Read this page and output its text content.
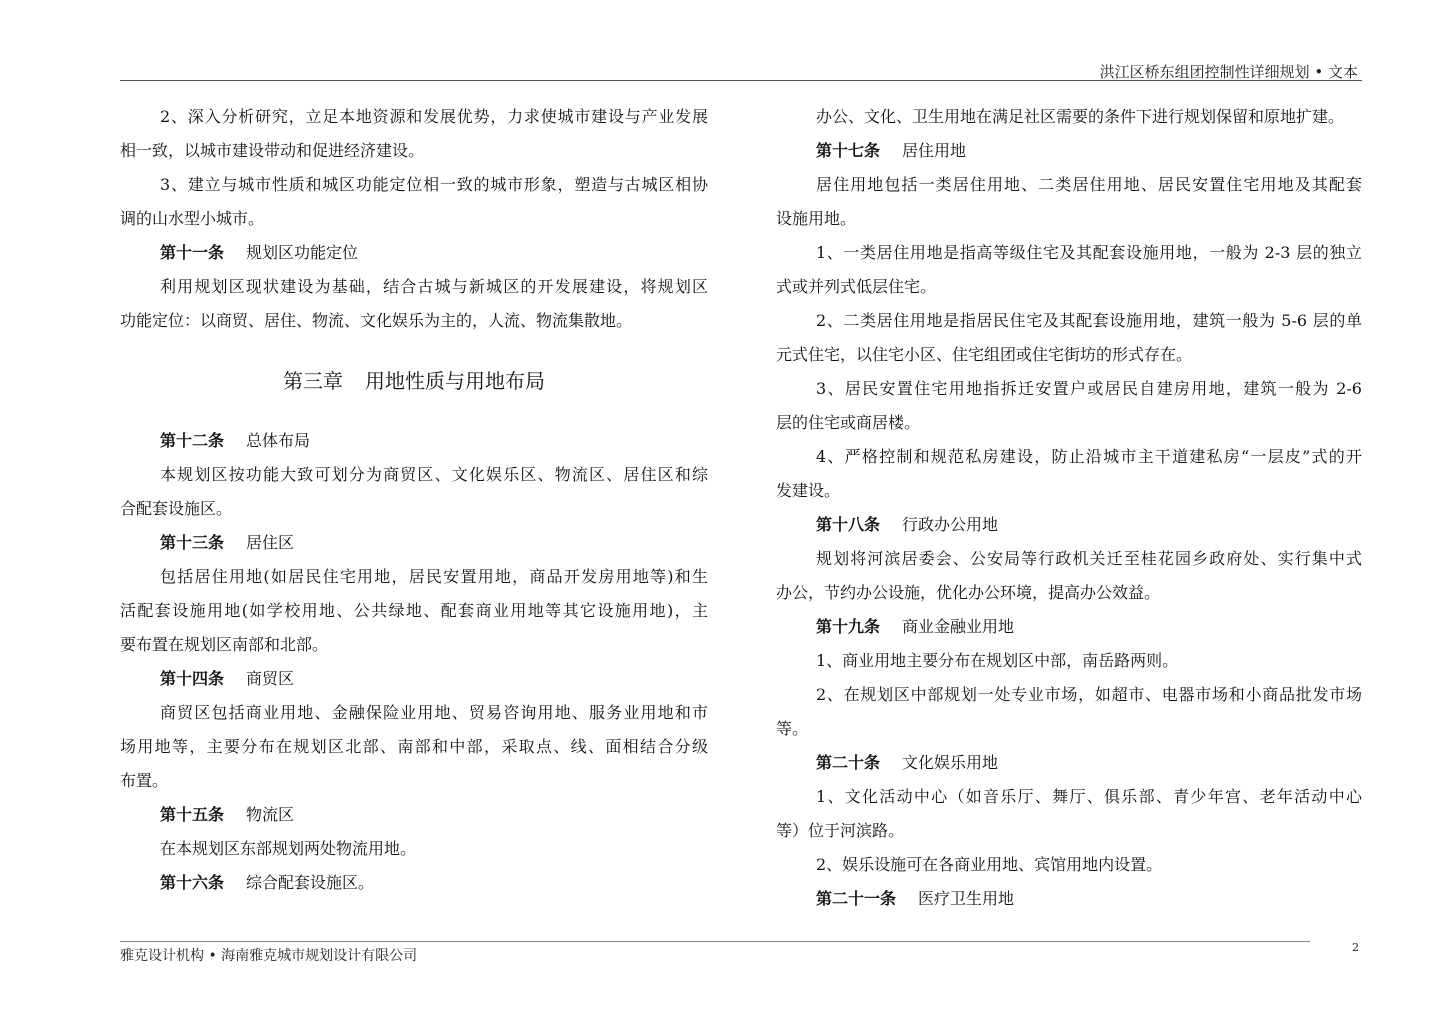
洪江区桥东组团控制性详细规划 • 文本
2、深入分析研究，立足本地资源和发展优势，力求使城市建设与产业发展
相一致，以城市建设带动和促进经济建设。
3、建立与城市性质和城区功能定位相一致的城市形象，塑造与古城区相协
调的山水型小城市。
第十一条 规划区功能定位
利用规划区现状建设为基础，结合古城与新城区的开发展建设，将规划区
功能定位：以商贸、居住、物流、文化娱乐为主的，人流、物流集散地。
第三章 用地性质与用地布局
第十二条 总体布局
本规划区按功能大致可划分为商贸区、文化娱乐区、物流区、居住区和综
合配套设施区。
第十三条 居住区
包括居住用地(如居民住宅用地，居民安置用地，商品开发房用地等)和生
活配套设施用地(如学校用地、公共绿地、配套商业用地等其它设施用地)，主
要布置在规划区南部和北部。
第十四条 商贸区
商贸区包括商业用地、金融保险业用地、贸易咨询用地、服务业用地和市
场用地等，主要分布在规划区北部、南部和中部，采取点、线、面相结合分级
布置。
第十五条 物流区
在本规划区东部规划两处物流用地。
第十六条 综合配套设施区。
办公、文化、卫生用地在满足社区需要的条件下进行规划保留和原地扩建。
第十七条 居住用地
居住用地包括一类居住用地、二类居住用地、居民安置住宅用地及其配套
设施用地。
1、一类居住用地是指高等级住宅及其配套设施用地，一般为 2-3 层的独立
式或并列式低层住宅。
2、二类居住用地是指居民住宅及其配套设施用地，建筑一般为 5-6 层的单
元式住宅，以住宅小区、住宅组团或住宅街坊的形式存在。
3、居民安置住宅用地指拆迁安置户或居民自建房用地，建筑一般为 2-6
层的住宅或商居楼。
4、严格控制和规范私房建设，防止沿城市主干道建私房“一层皮”式的开
发建设。
第十八条 行政办公用地
规划将河滨居委会、公安局等行政机关迁至桂花园乡政府处、实行集中式
办公，节约办公设施，优化办公环境，提高办公效益。
第十九条 商业金融业用地
1、商业用地主要分布在规划区中部，南岳路两则。
2、在规划区中部规划一处专业市场，如超市、电器市场和小商品批发市场
等。
第二十条 文化娱乐用地
1、文化活动中心（如音乐厅、舞厅、俱乐部、青少年宫、老年活动中心
等）位于河滨路。
2、娱乐设施可在各商业用地、宾馆用地内设置。
第二十一条 医疗卫生用地
雅克设计机构 • 海南雅克城市规划设计有限公司
2
